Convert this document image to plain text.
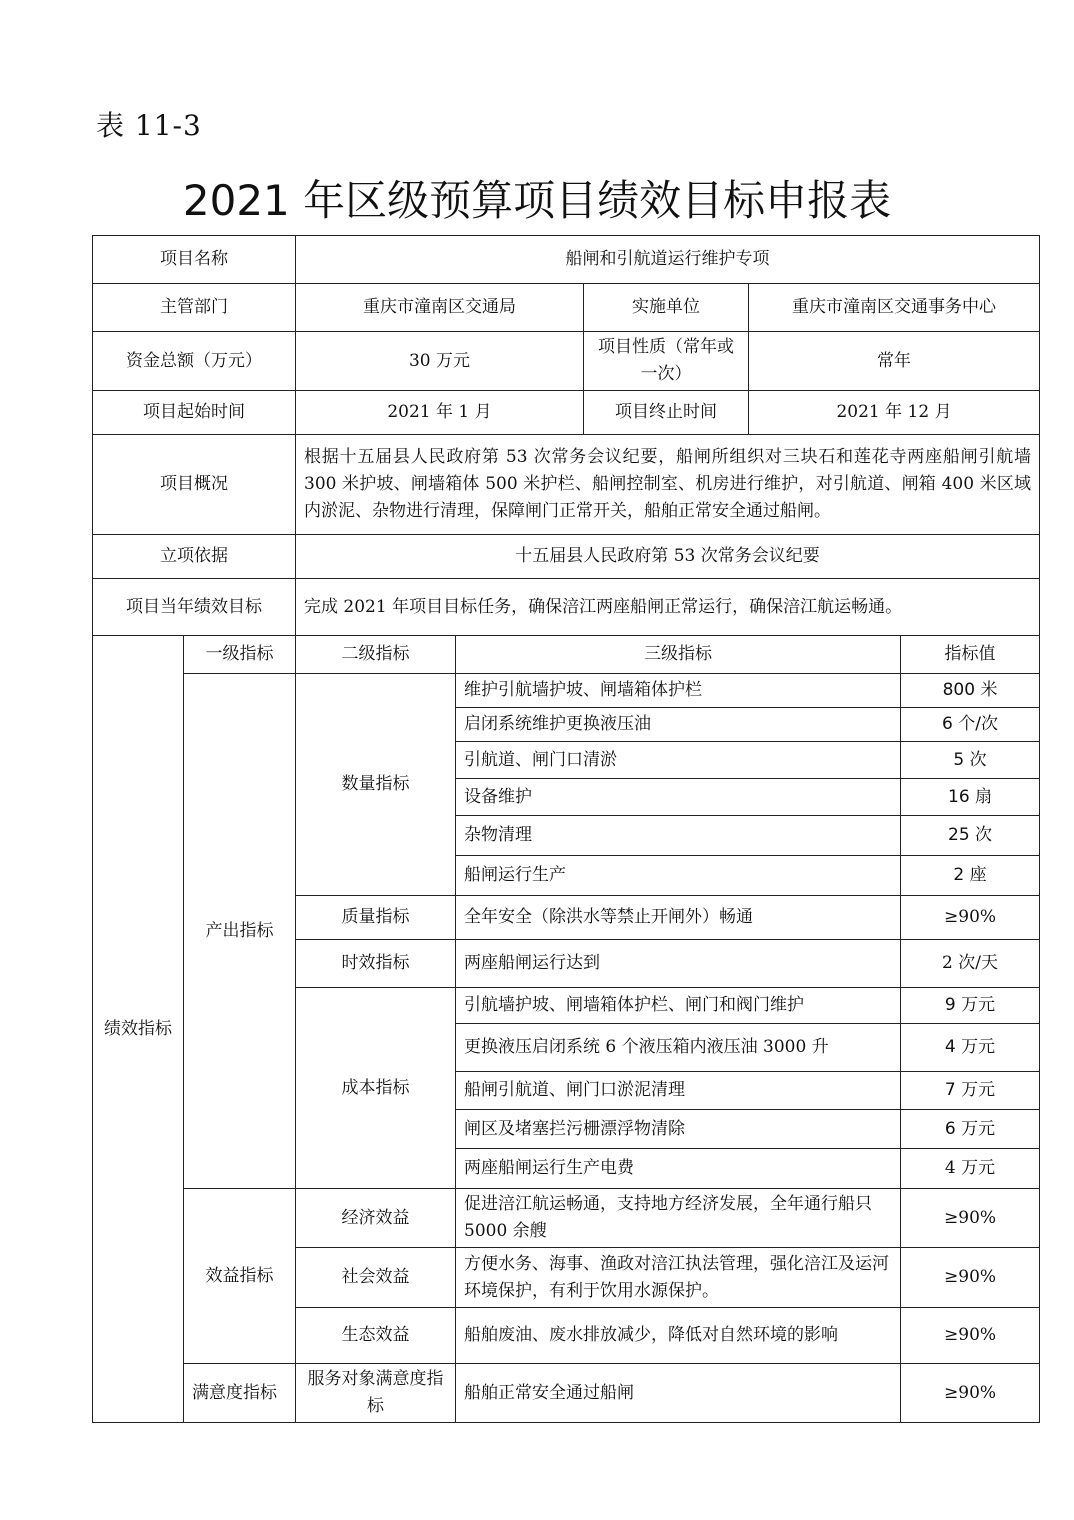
表 11-3
2021 年区级预算项目绩效目标申报表
项目名称		船闸和引航道运行维护专项				
主管部门		重庆市潼南区交通局		实施单位	重庆市潼南区交通事务中心	
资金总额（万元）		30 万元		项目性质（常年或一次）	常年	
项目起始时间		2021 年 1 月		项目终止时间	2021 年 12 月	
项目概况		根据十五届县人民政府第 53 次常务会议纪要，船闸所组织对三块石和莲花寺两座船闸引航墙 300 米护坡、闸墙箱体 500 米护栏、船闸控制室、机房进行维护，对引航道、闸箱 400 米区域内淤泥、杂物进行清理，保障闸门正常开关，船舶正常安全通过船闸。				
立项依据		十五届县人民政府第 53 次常务会议纪要				
项目当年绩效目标		完成 2021 年项目目标任务，确保涪江两座船闸正常运行，确保涪江航运畅通。				
绩效指标	一级指标	二级指标	三级指标			指标值
	产出指标	数量指标	维护引航墙护坡、闸墙箱体护栏			800 米
			启闭系统维护更换液压油			6 个/次
			引航道、闸门口清淤			5 次
			设备维护			16 扇
			杂物清理			25 次
			船闸运行生产			2 座
		质量指标	全年安全（除洪水等禁止开闸外）畅通			≥90%
		时效指标	两座船闸运行达到			2 次/天
		成本指标	引航墙护坡、闸墙箱体护栏、闸门和阀门维护			9 万元
			更换液压启闭系统 6 个液压箱内液压油 3000 升			4 万元
			船闸引航道、闸门口淤泥清理			7 万元
			闸区及堵塞拦污栅漂浮物清除			6 万元
			两座船闸运行生产电费			4 万元
	效益指标	经济效益	促进涪江航运畅通，支持地方经济发展，全年通行船只 5000 余艘			≥90%
		社会效益	方便水务、海事、渔政对涪江执法管理，强化涪江及运河环境保护，有利于饮用水源保护。			≥90%
		生态效益	船舶废油、废水排放减少，降低对自然环境的影响			≥90%
	满意度指标	服务对象满意度指标	船舶正常安全通过船闸			≥90%
